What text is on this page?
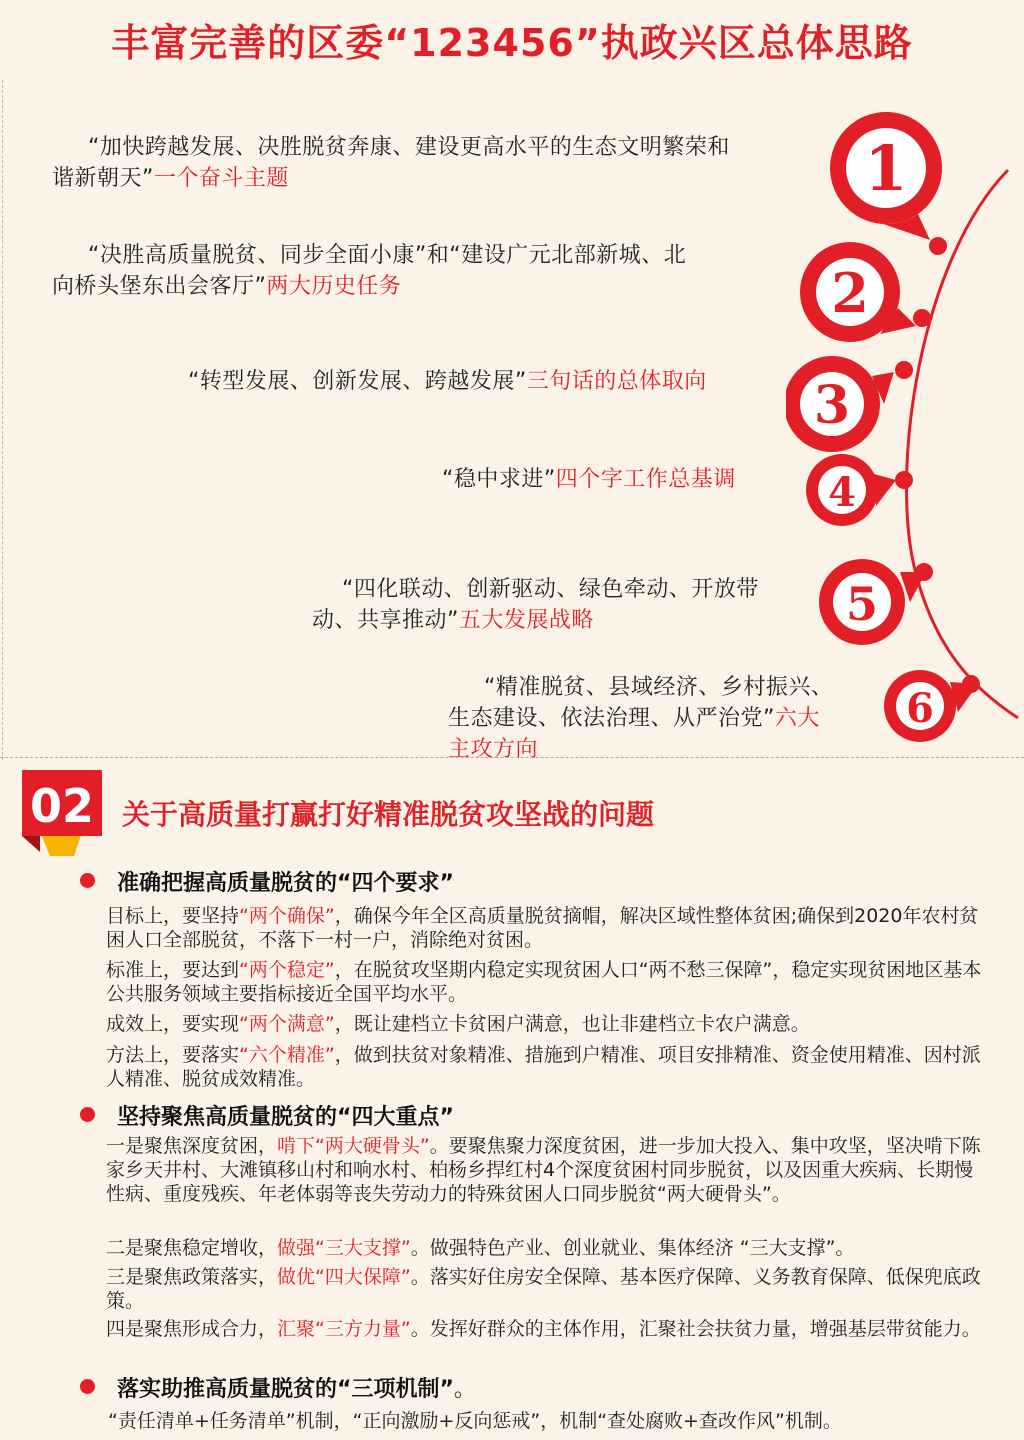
丰富完善的区委“123456”执政兴区总体思路
“加快跨越发展、决胜脱贫奔康、建设更高水平的生态文明繁荣和
谐新朝天”一个奋斗主题	1
“决胜高质量脱贫、同步全面小康”和“建设广元北部新城、北
向桥头堡东出会客厅”两大历史任务	2
“转型发展、创新发展、跨越发展”三句话的总体取向	3
“稳中求进”四个字工作总基调	4
“四化联动、创新驱动、绿色牵动、开放带
动、共享推动”五大发展战略	5
“精准脱贫、县域经济、乡村振兴、
生态建设、依法治理、从严治党”六大
主攻方向
6
02 关于高质量打赢打好精准脱贫攻坚战的问题
准确把握高质量脱贫的“四个要求”

目标上，要坚持“两个确保”，确保今年全区高质量脱贫摘帽，解决区域性整体贫困;确保到2020年农村贫困人口全部脱贫，不落下一村一户，消除绝对贫困。

标准上，要达到“两个稳定”，在脱贫攻坚期内稳定实现贫困人口“两不愁三保障”，稳定实现贫困地区基本公共服务领域主要指标接近全国平均水平。

成效上，要实现“两个满意”，既让建档立卡贫困户满意，也让非建档立卡农户满意。

方法上，要落实“六个精准”，做到扶贫对象精准、措施到户精准、项目安排精准、资金使用精准、因村派人精准、脱贫成效精准。

坚持聚焦高质量脱贫的“四大重点”

一是聚焦深度贫困，啃下“两大硬骨头”。要聚焦聚力深度贫困，进一步加大投入、集中攻坚，坚决啃下陈家乡天井村、大滩镇移山村和响水村、柏杨乡捍红村4个深度贫困村同步脱贫，以及因重大疾病、长期慢性病、重度残疾、年老体弱等丧失劳动力的特殊贫困人口同步脱贫“两大硬骨头”。

二是聚焦稳定增收，做强“三大支撑”。做强特色产业、创业就业、集体经济 “三大支撑”。

三是聚焦政策落实，做优“四大保障”。落实好住房安全保障、基本医疗保障、义务教育保障、低保兜底政策。

四是聚焦形成合力，汇聚“三方力量”。发挥好群众的主体作用，汇聚社会扶贫力量，增强基层带贫能力。

落实助推高质量脱贫的“三项机制”。

“责任清单+任务清单”机制，“正向激励+反向惩戒”，机制“查处腐败+查改作风”机制。
